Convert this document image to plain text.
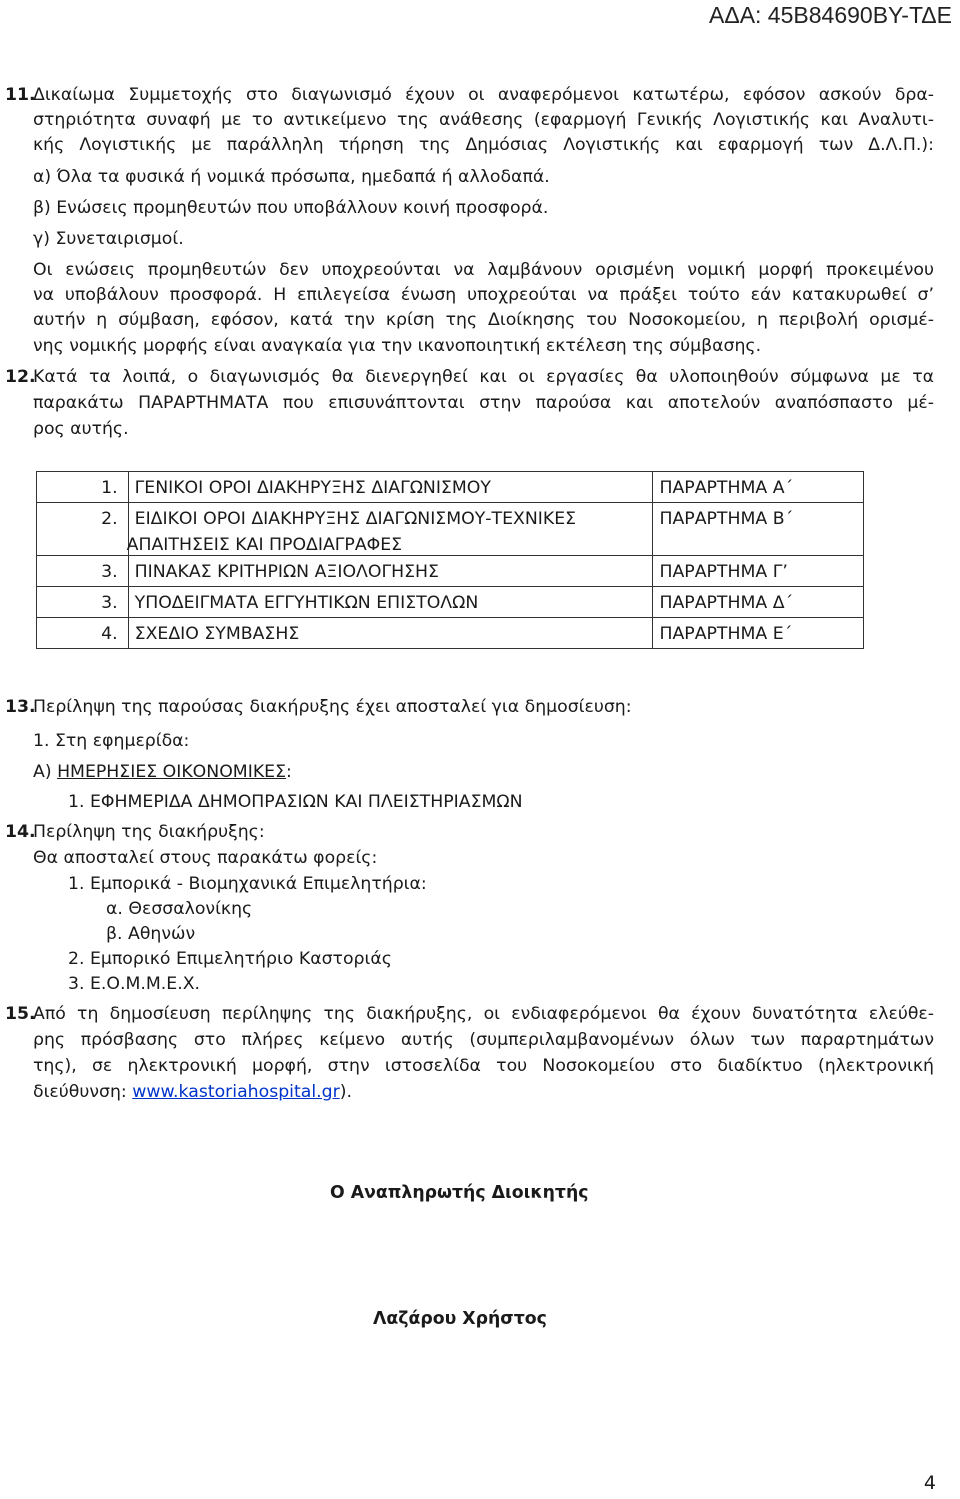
ΑΔΑ: 45Β84690ΒΥ-ΤΔΕ
11.
Δικαίωμα Συμμετοχής στο διαγωνισμό έχουν οι αναφερόμενοι κατωτέρω, εφόσον ασκούν δρα-
στηριότητα συναφή με το αντικείμενο της ανάθεσης (εφαρμογή Γενικής Λογιστικής και Αναλυτι-
κής Λογιστικής με παράλληλη τήρηση της Δημόσιας Λογιστικής και εφαρμογή των Δ.Λ.Π.):
α) Όλα τα φυσικά ή νομικά πρόσωπα, ημεδαπά ή αλλοδαπά.
β) Ενώσεις προμηθευτών που υποβάλλουν κοινή προσφορά.
γ) Συνεταιρισμοί.
Οι ενώσεις προμηθευτών δεν υποχρεούνται να λαμβάνουν ορισμένη νομική μορφή προκειμένου
να υποβάλουν προσφορά. Η επιλεγείσα ένωση υποχρεούται να πράξει τούτο εάν κατακυρωθεί σ’
αυτήν η σύμβαση, εφόσον, κατά την κρίση της Διοίκησης του Νοσοκομείου, η περιβολή ορισμέ-
νης νομικής μορφής είναι αναγκαία για την ικανοποιητική εκτέλεση της σύμβασης.
12.
Κατά τα λοιπά, ο διαγωνισμός θα διενεργηθεί και οι εργασίες θα υλοποιηθούν σύμφωνα με τα
παρακάτω ΠΑΡΑΡΤΗΜΑΤΑ που επισυνάπτονται στην παρούσα και αποτελούν αναπόσπαστο μέ-
ρος αυτής.
1.	ΓΕΝΙΚΟΙ ΟΡΟΙ ΔΙΑΚΗΡΥΞΗΣ ΔΙΑΓΩΝΙΣΜΟΥ	ΠΑΡΑΡΤΗΜΑ Α΄
2.	ΕΙΔΙΚΟΙ ΟΡΟΙ ΔΙΑΚΗΡΥΞΗΣ ΔΙΑΓΩΝΙΣΜΟΥ-ΤΕΧΝΙΚΕΣ
ΑΠΑΙΤΗΣΕΙΣ ΚΑΙ ΠΡΟΔΙΑΓΡΑΦΕΣ	ΠΑΡΑΡΤΗΜΑ Β΄
3.	ΠΙΝΑΚΑΣ ΚΡΙΤΗΡΙΩΝ ΑΞΙΟΛΟΓΗΣΗΣ	ΠΑΡΑΡΤΗΜΑ Γ’
3.	ΥΠΟΔΕΙΓΜΑΤΑ ΕΓΓΥΗΤΙΚΩΝ ΕΠΙΣΤΟΛΩΝ	ΠΑΡΑΡΤΗΜΑ Δ΄
4.	ΣΧΕΔΙΟ ΣΥΜΒΑΣΗΣ	ΠΑΡΑΡΤΗΜΑ Ε΄
13.
Περίληψη της παρούσας διακήρυξης έχει αποσταλεί για δημοσίευση:
1. Στη εφημερίδα:
Α) ΗΜΕΡΗΣΙΕΣ ΟΙΚΟΝΟΜΙΚΕΣ:
1. ΕΦΗΜΕΡΙΔΑ ΔΗΜΟΠΡΑΣΙΩΝ ΚΑΙ ΠΛΕΙΣΤΗΡΙΑΣΜΩΝ
14.
Περίληψη της διακήρυξης:
Θα αποσταλεί στους παρακάτω φορείς:
1. Εμπορικά - Βιομηχανικά Επιμελητήρια:
α. Θεσσαλονίκης
β. Αθηνών
2. Εμπορικό Επιμελητήριο Καστοριάς
3. Ε.Ο.Μ.Μ.Ε.Χ.
15.
Από τη δημοσίευση περίληψης της διακήρυξης, οι ενδιαφερόμενοι θα έχουν δυνατότητα ελεύθε-
ρης πρόσβασης στο πλήρες κείμενο αυτής (συμπεριλαμβανομένων όλων των παραρτημάτων
της), σε ηλεκτρονική μορφή, στην ιστοσελίδα του Νοσοκομείου στο διαδίκτυο (ηλεκτρονική
διεύθυνση: www.kastoriahospital.gr).
Ο Αναπληρωτής Διοικητής
Λαζάρου Χρήστος
4
